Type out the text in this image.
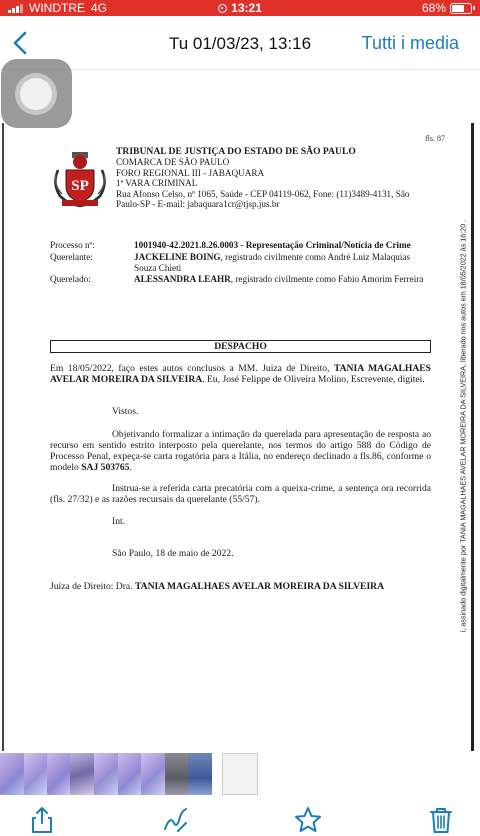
WINDTRE 4G	13:21	68%
Tu 01/03/23, 13:16	Tutti i media
fls. 87
SP
TRIBUNAL DE JUSTIÇA DO ESTADO DE SÃO PAULO
COMARCA DE SÃO PAULO
FORO REGIONAL III - JABAQUARA
1ª VARA CRIMINAL
Rua Afonso Celso, nº 1065, Saúde - CEP 04119-062, Fone: (11)3489-4131, São
Paulo-SP - E-mail: jabaquara1cr@tjsp.jus.br
Processo nº:	1001940-42.2021.8.26.0003 - Representação Criminal/Notícia de Crime
Querelante:	JACKELINE BOING, registrado civilmente como André Luiz Malaquias Souza Chieti
Querelado:	ALESSANDRA LEAHR, registrado civilmente como Fabio Amorim Ferreira
DESPACHO
Em 18/05/2022, faço estes autos conclusos a MM. Juiza de Direito, TANIA MAGALHAES AVELAR MOREIRA DA SILVEIRA. Eu, José Felippe de Oliveira Molino, Escrevente, digitei.
Vistos.
Objetivando formalizar a intimação da querelada para apresentação de resposta ao recurso em sentido estrito interposto pela querelante, nos termos do artigo 588 do Código de Processo Penal, expeça-se carta rogatória para a Itália, no endereço declinado a fls.86, conforme o modelo SAJ 503765.
Instrua-se a referida carta precatória com a queixa-crime, a sentença ora recorrida (fls. 27/32) e as razões recursais da querelante (55/57).
Int.
São Paulo, 18 de maio de 2022.
Juíza de Direito: Dra. TANIA MAGALHAES AVELAR MOREIRA DA SILVEIRA	i, assinado digitalmente por TANIA MAGALHAES AVELAR MOREIRA DA SILVEIRA, liberado nos autos em 18/05/2022 às 16:20 .
